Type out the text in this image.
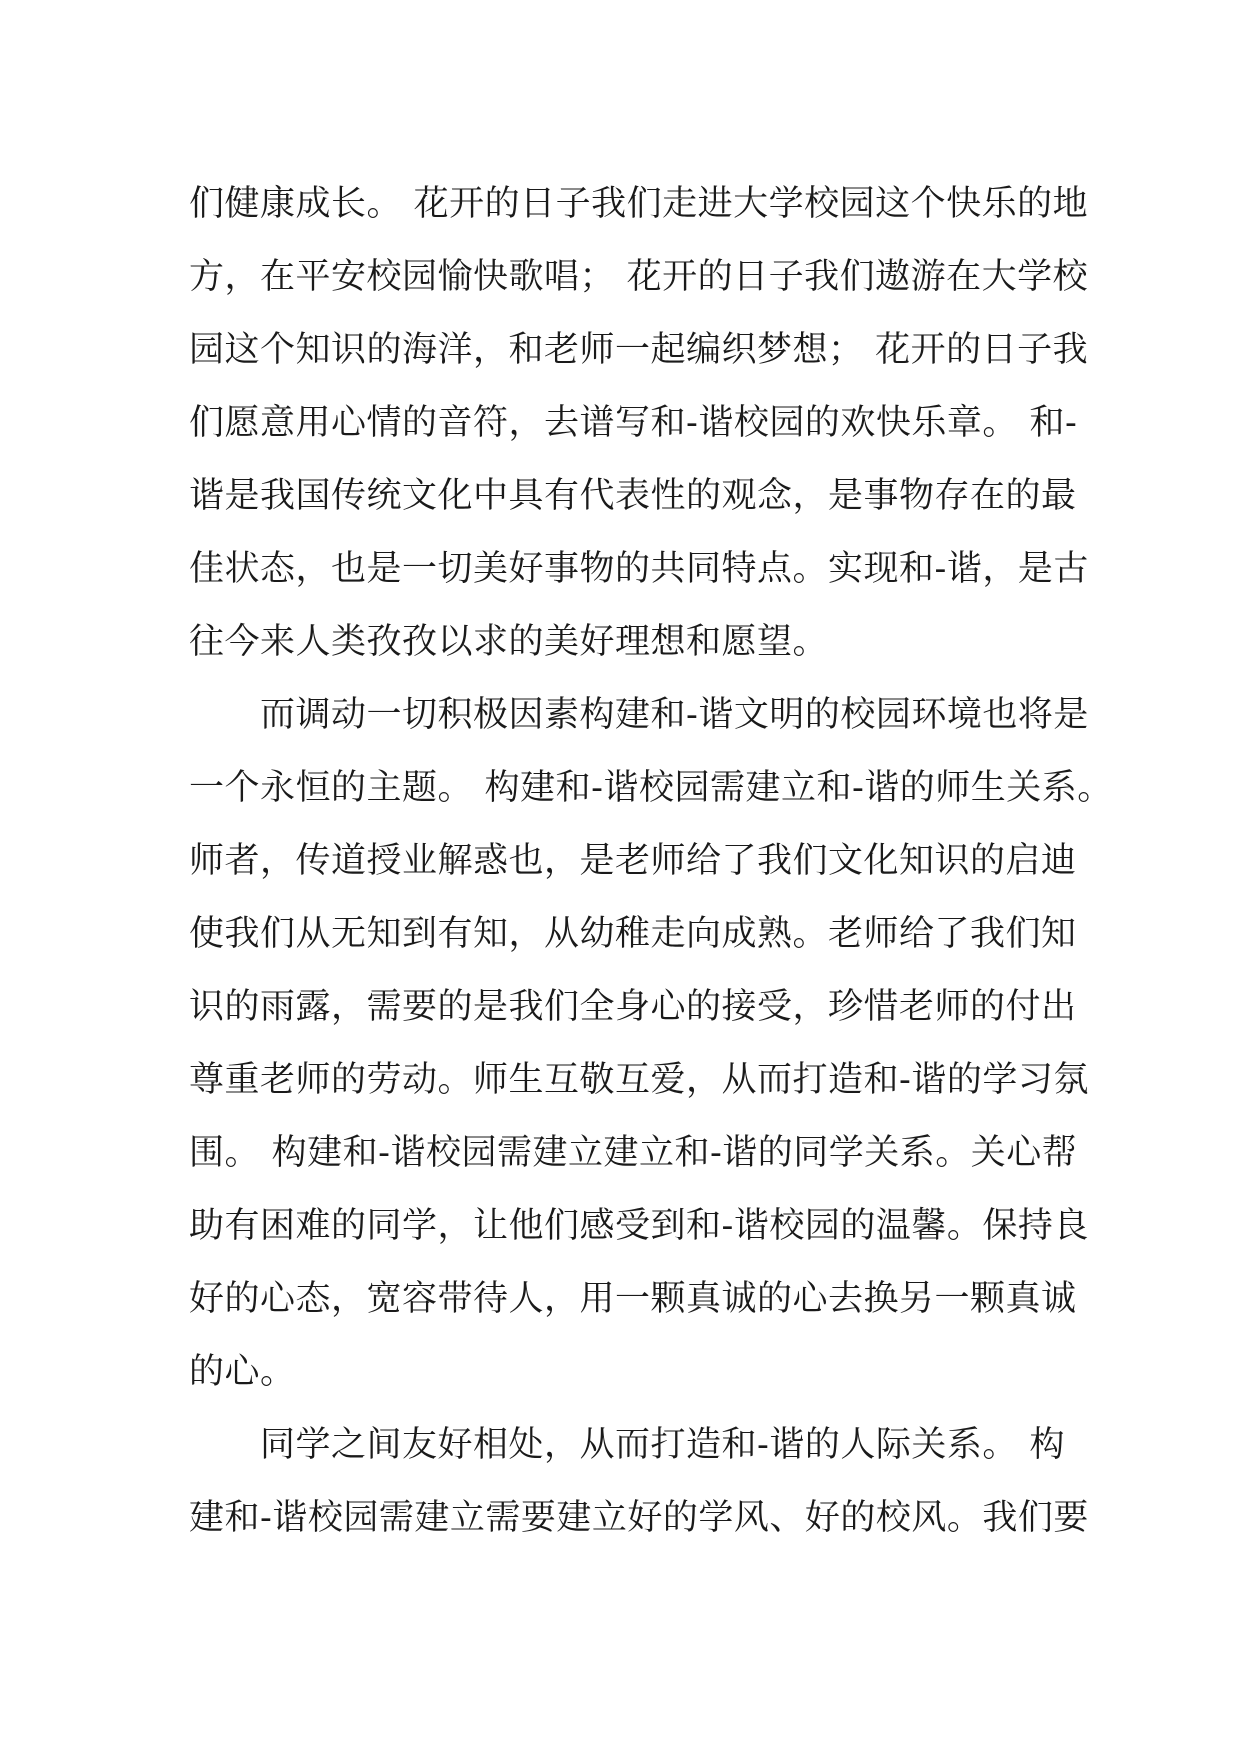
们健康成长。 花开的日子我们走进大学校园这个快乐的地
方，在平安校园愉快歌唱； 花开的日子我们遨游在大学校
园这个知识的海洋，和老师一起编织梦想； 花开的日子我
们愿意用心情的音符，去谱写和-谐校园的欢快乐章。 和-
谐是我国传统文化中具有代表性的观念，是事物存在的最
佳状态，也是一切美好事物的共同特点。实现和-谐，是古
往今来人类孜孜以求的美好理想和愿望。
　　而调动一切积极因素构建和-谐文明的校园环境也将是
一个永恒的主题。 构建和-谐校园需建立和-谐的师生关系。
师者，传道授业解惑也，是老师给了我们文化知识的启迪
使我们从无知到有知，从幼稚走向成熟。老师给了我们知
识的雨露，需要的是我们全身心的接受，珍惜老师的付出
尊重老师的劳动。师生互敬互爱，从而打造和-谐的学习氛
围。 构建和-谐校园需建立建立和-谐的同学关系。关心帮
助有困难的同学，让他们感受到和-谐校园的温馨。保持良
好的心态，宽容带待人，用一颗真诚的心去换另一颗真诚
的心。
　　同学之间友好相处，从而打造和-谐的人际关系。 构
建和-谐校园需建立需要建立好的学风、好的校风。我们要
